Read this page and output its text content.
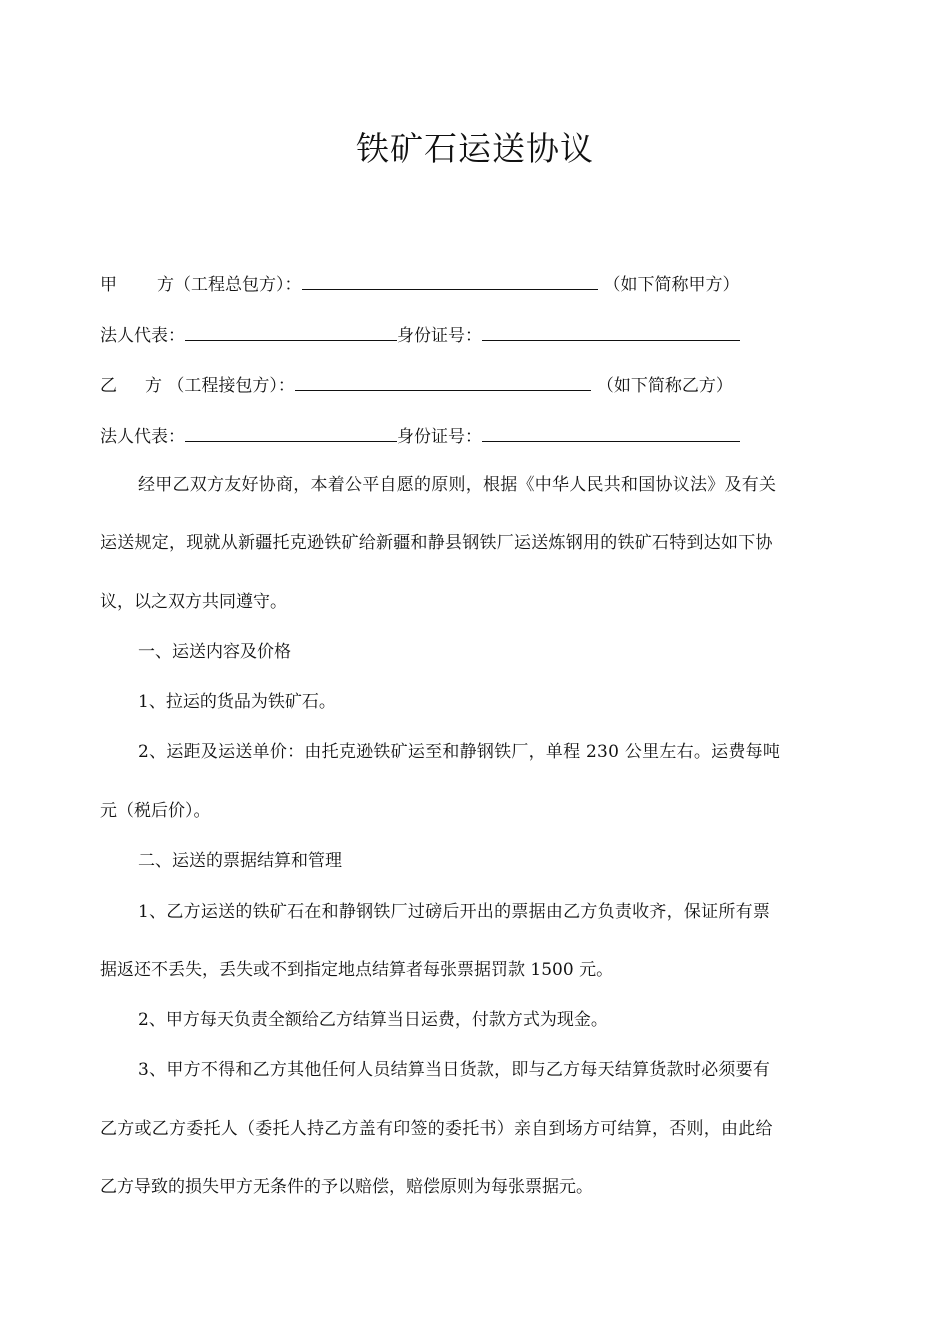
铁矿石运送协议
甲 方（工程总包方）：	（如下简称甲方）
法人代表：	身份证号：
乙 方 （工程接包方）：	（如下简称乙方）
法人代表：	身份证号：
经甲乙双方友好协商，本着公平自愿的原则，根据《中华人民共和国协议法》及有关
运送规定，现就从新疆托克逊铁矿给新疆和静县钢铁厂运送炼钢用的铁矿石特到达如下协
议，以之双方共同遵守。
一、运送内容及价格
1、拉运的货品为铁矿石。
2、运距及运送单价：由托克逊铁矿运至和静钢铁厂，单程 230 公里左右。运费每吨
元（税后价）。
二、运送的票据结算和管理
1、乙方运送的铁矿石在和静钢铁厂过磅后开出的票据由乙方负责收齐，保证所有票
据返还不丢失，丢失或不到指定地点结算者每张票据罚款 1500 元。
2、甲方每天负责全额给乙方结算当日运费，付款方式为现金。
3、甲方不得和乙方其他任何人员结算当日货款，即与乙方每天结算货款时必须要有
乙方或乙方委托人（委托人持乙方盖有印签的委托书）亲自到场方可结算，否则，由此给
乙方导致的损失甲方无条件的予以赔偿，赔偿原则为每张票据元。
